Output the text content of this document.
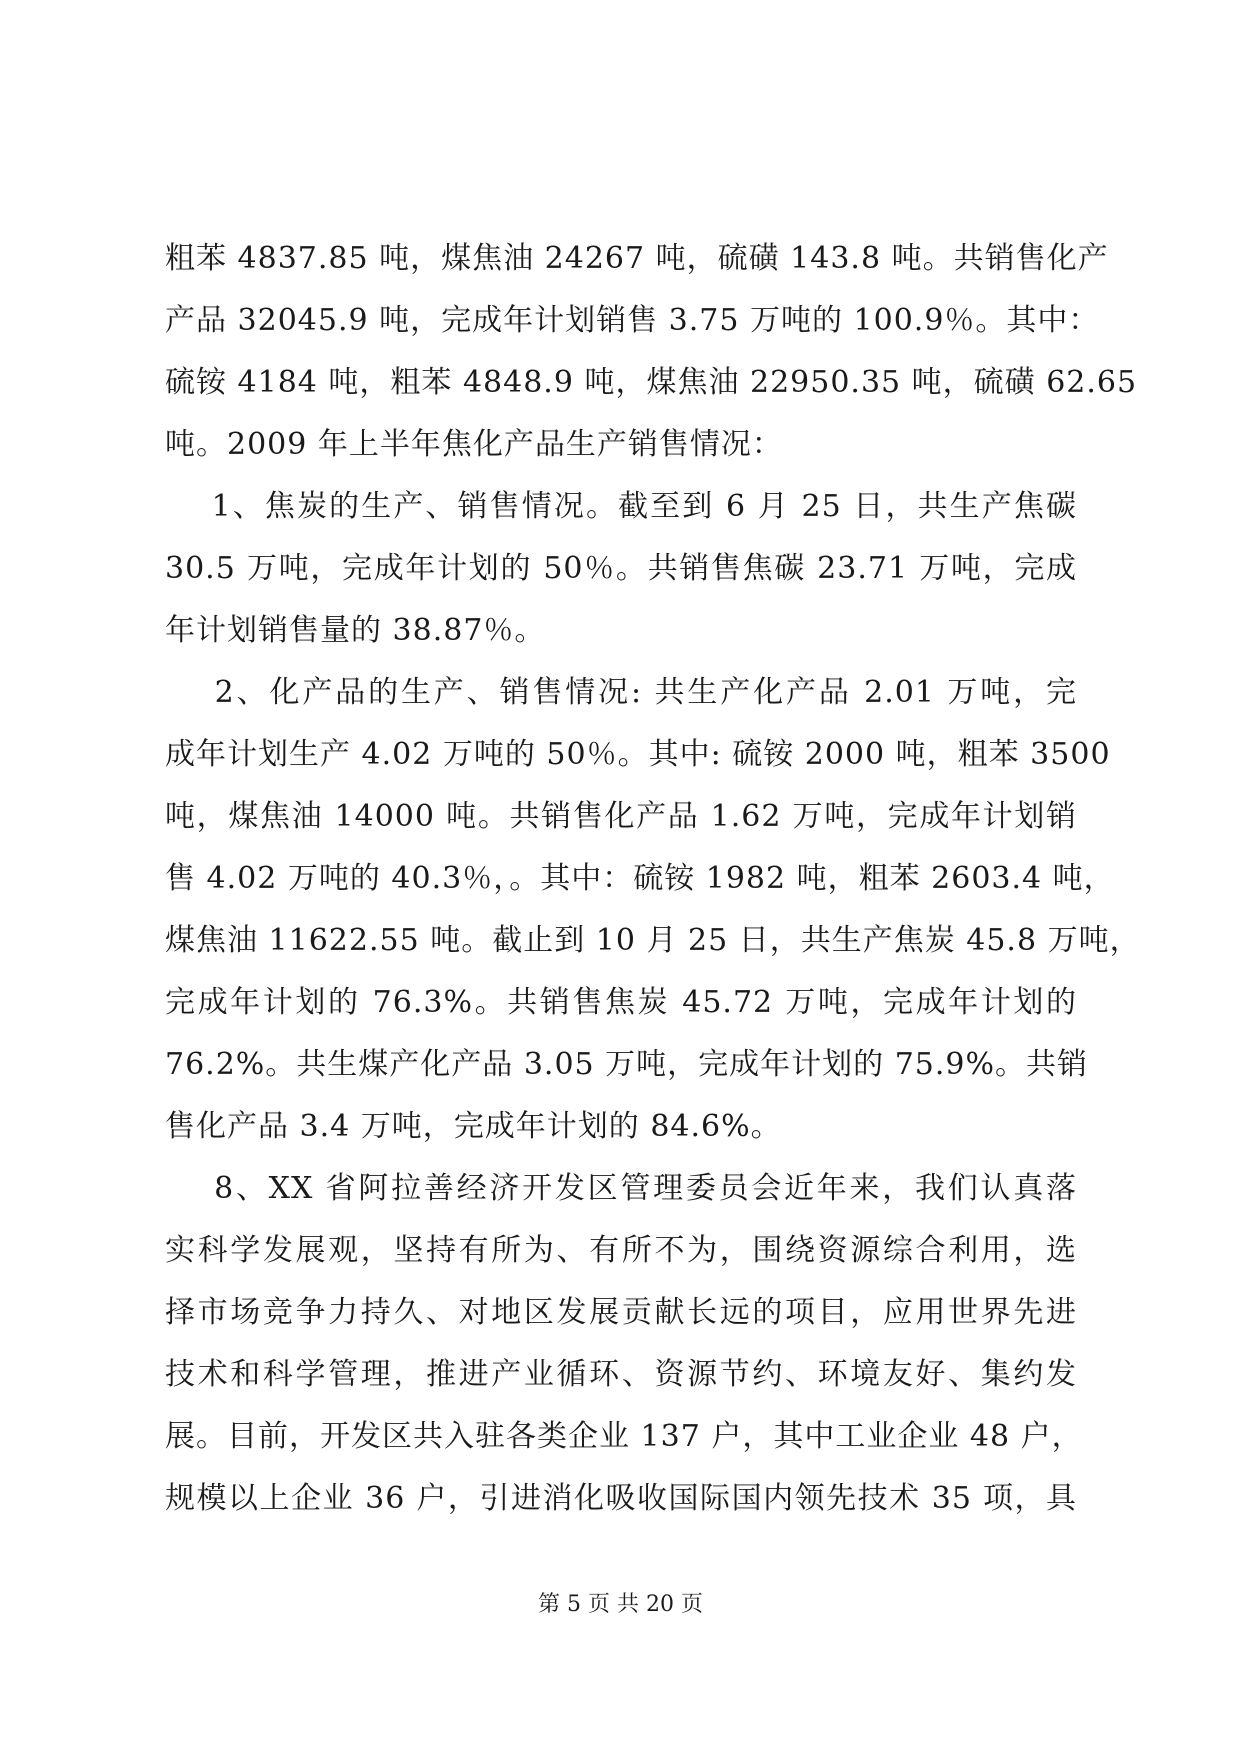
粗苯 4837.85 吨，煤焦油 24267 吨，硫磺 143.8 吨。共销售化产
产品 32045.9 吨，完成年计划销售 3.75 万吨的 100.9％。其中：
硫铵 4184 吨，粗苯 4848.9 吨，煤焦油 22950.35 吨，硫磺 62.65
吨。2009 年上半年焦化产品生产销售情况：
1、焦炭的生产、销售情况。截至到 6 月 25 日，共生产焦碳
30.5 万吨，完成年计划的 50％。共销售焦碳 23.71 万吨，完成
年计划销售量的 38.87％。
2、化产品的生产、销售情况: 共生产化产品 2.01 万吨，完
成年计划生产 4.02 万吨的 50％。其中: 硫铵 2000 吨，粗苯 3500
吨，煤焦油 14000 吨。共销售化产品 1.62 万吨，完成年计划销
售 4.02 万吨的 40.3％，。其中：硫铵 1982 吨，粗苯 2603.4 吨，
煤焦油 11622.55 吨。截止到 10 月 25 日，共生产焦炭 45.8 万吨，
完成年计划的 76.3%。共销售焦炭 45.72 万吨，完成年计划的
76.2%。共生煤产化产品 3.05 万吨，完成年计划的 75.9%。共销
售化产品 3.4 万吨，完成年计划的 84.6%。
8、XX 省阿拉善经济开发区管理委员会近年来，我们认真落
实科学发展观，坚持有所为、有所不为，围绕资源综合利用，选
择市场竞争力持久、对地区发展贡献长远的项目，应用世界先进
技术和科学管理，推进产业循环、资源节约、环境友好、集约发
展。目前，开发区共入驻各类企业 137 户，其中工业企业 48 户，
规模以上企业 36 户，引进消化吸收国际国内领先技术 35 项，具
第 5 页 共 20 页
